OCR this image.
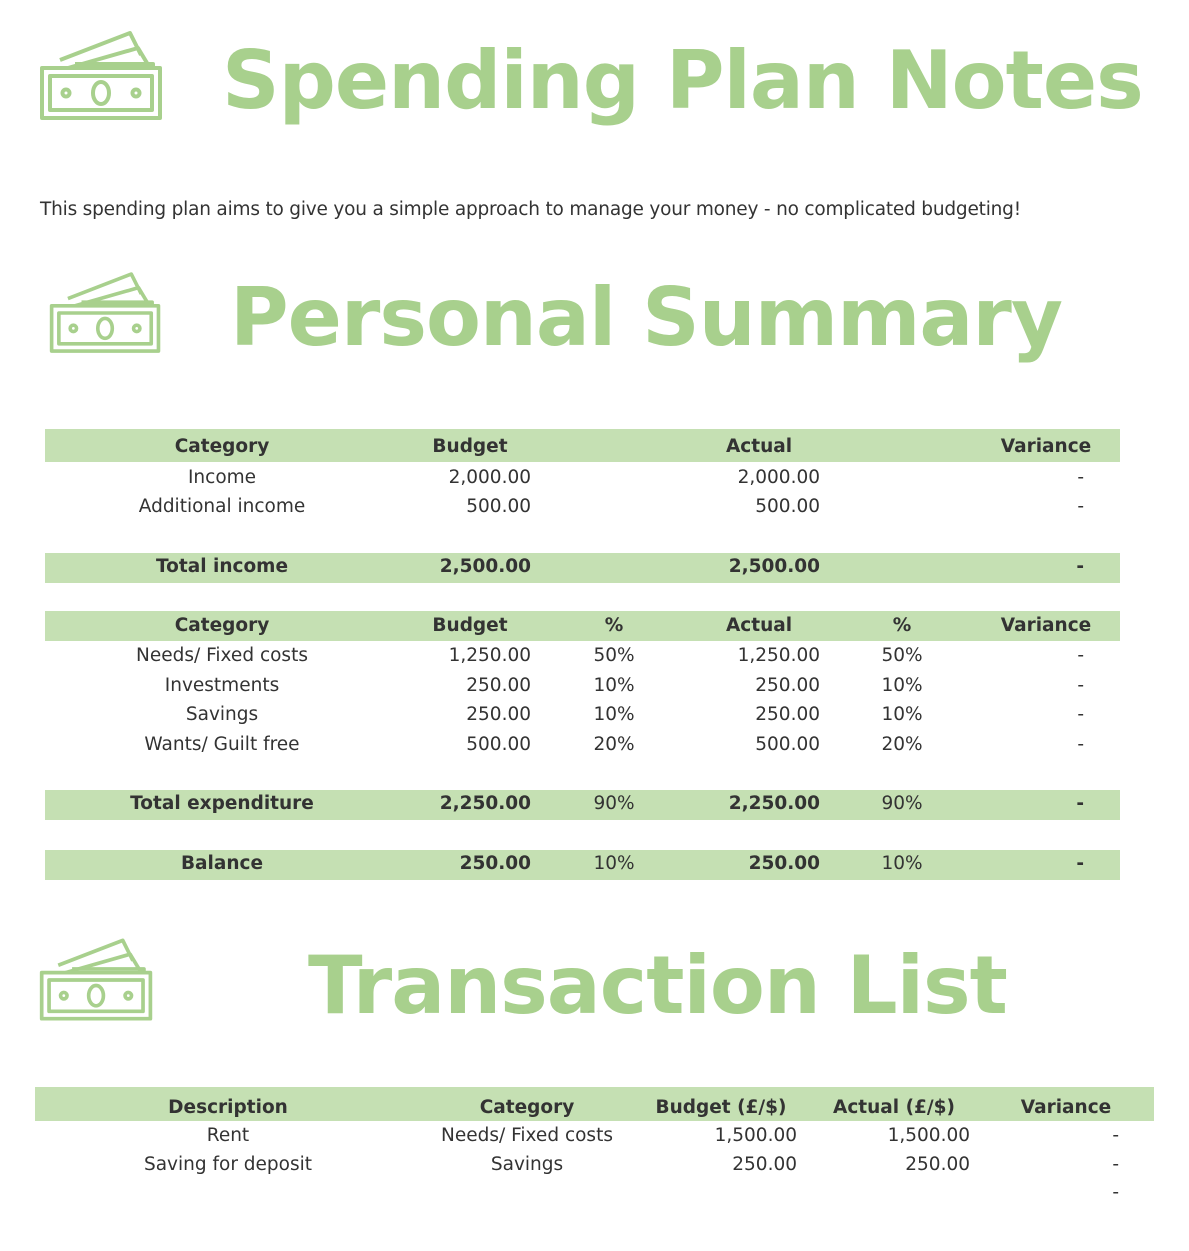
Spending Plan Notes
This spending plan aims to give you a simple approach to manage your money - no complicated budgeting!
Personal Summary
Category	Budget	Actual	Variance
Income	2,000.00	2,000.00	-
Additional income	500.00	500.00	-
Total income	2,500.00	2,500.00	-
Category	Budget	%	Actual	%	Variance
Needs/ Fixed costs	1,250.00	50%	1,250.00	50%	-
Investments	250.00	10%	250.00	10%	-
Savings	250.00	10%	250.00	10%	-
Wants/ Guilt free	500.00	20%	500.00	20%	-
Total expenditure	2,250.00	90%	2,250.00	90%	-
Balance	250.00	10%	250.00	10%	-
Transaction List
Description	Category	Budget (£/$)	Actual (£/$)	Variance
Rent	Needs/ Fixed costs	1,500.00	1,500.00	-
Saving for deposit	Savings	250.00	250.00	-
-
